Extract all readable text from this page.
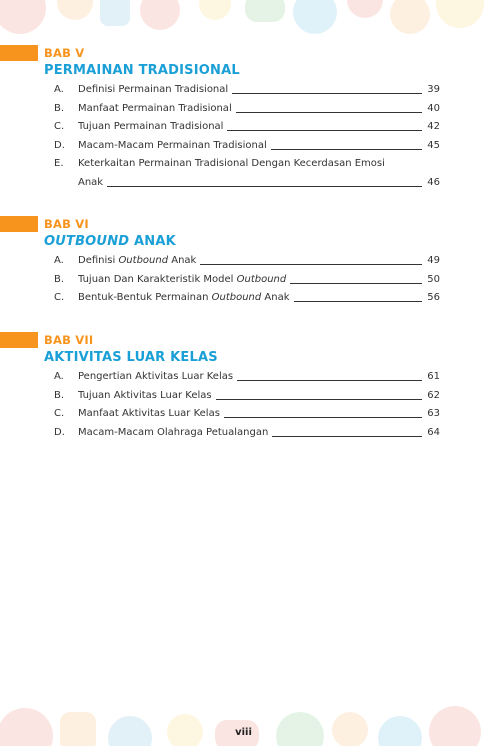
BAB V
PERMAINAN TRADISIONAL
A. Definisi Permainan Tradisional	39
B. Manfaat Permainan Tradisional	40
C. Tujuan Permainan Tradisional	42
D. Macam-Macam Permainan Tradisional	45
E. Keterkaitan Permainan Tradisional Dengan Kecerdasan Emosi
Anak	46
BAB VI
OUTBOUND ANAK
A. Definisi Outbound Anak	49
B. Tujuan Dan Karakteristik Model Outbound	50
C. Bentuk-Bentuk Permainan Outbound Anak	56
BAB VII
AKTIVITAS LUAR KELAS
A. Pengertian Aktivitas Luar Kelas	61
B. Tujuan Aktivitas Luar Kelas	62
C. Manfaat Aktivitas Luar Kelas	63
D. Macam-Macam Olahraga Petualangan	64
viii
